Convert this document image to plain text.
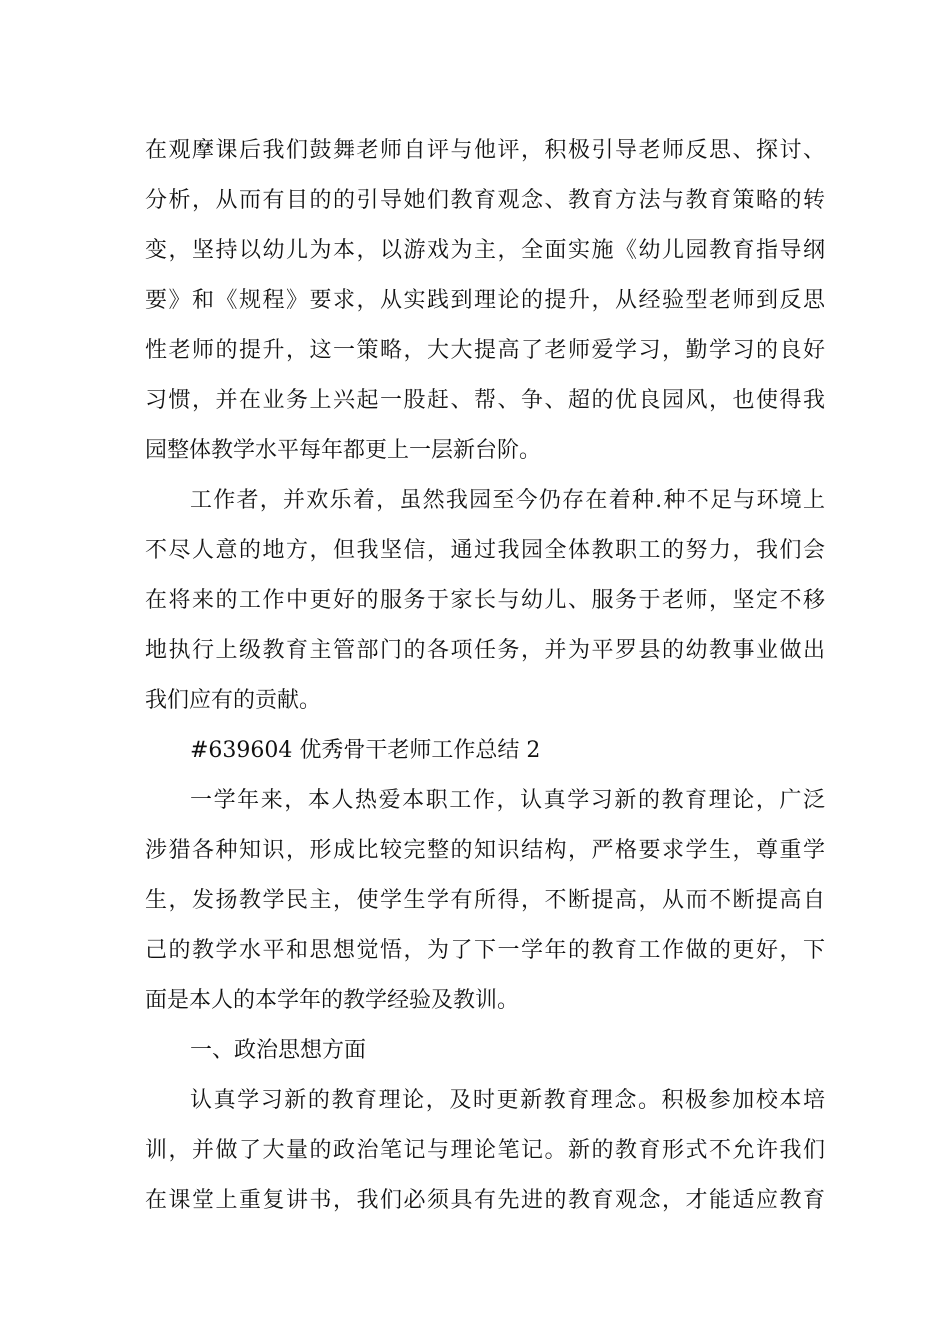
在观摩课后我们鼓舞老师自评与他评，积极引导老师反思、探讨、
分析，从而有目的的引导她们教育观念、教育方法与教育策略的转
变，坚持以幼儿为本，以游戏为主，全面实施《幼儿园教育指导纲
要》和《规程》要求，从实践到理论的提升，从经验型老师到反思
性老师的提升，这一策略，大大提高了老师爱学习，勤学习的良好
习惯，并在业务上兴起一股赶、帮、争、超的优良园风，也使得我
园整体教学水平每年都更上一层新台阶。
工作者，并欢乐着，虽然我园至今仍存在着种.种不足与环境上
不尽人意的地方，但我坚信，通过我园全体教职工的努力，我们会
在将来的工作中更好的服务于家长与幼儿、服务于老师，坚定不移
地执行上级教育主管部门的各项任务，并为平罗县的幼教事业做出
我们应有的贡献。
#639604 优秀骨干老师工作总结 2
一学年来，本人热爱本职工作，认真学习新的教育理论，广泛
涉猎各种知识，形成比较完整的知识结构，严格要求学生，尊重学
生，发扬教学民主，使学生学有所得，不断提高，从而不断提高自
己的教学水平和思想觉悟，为了下一学年的教育工作做的更好，下
面是本人的本学年的教学经验及教训。
一、政治思想方面
认真学习新的教育理论，及时更新教育理念。积极参加校本培
训，并做了大量的政治笔记与理论笔记。新的教育形式不允许我们
在课堂上重复讲书，我们必须具有先进的教育观念，才能适应教育
